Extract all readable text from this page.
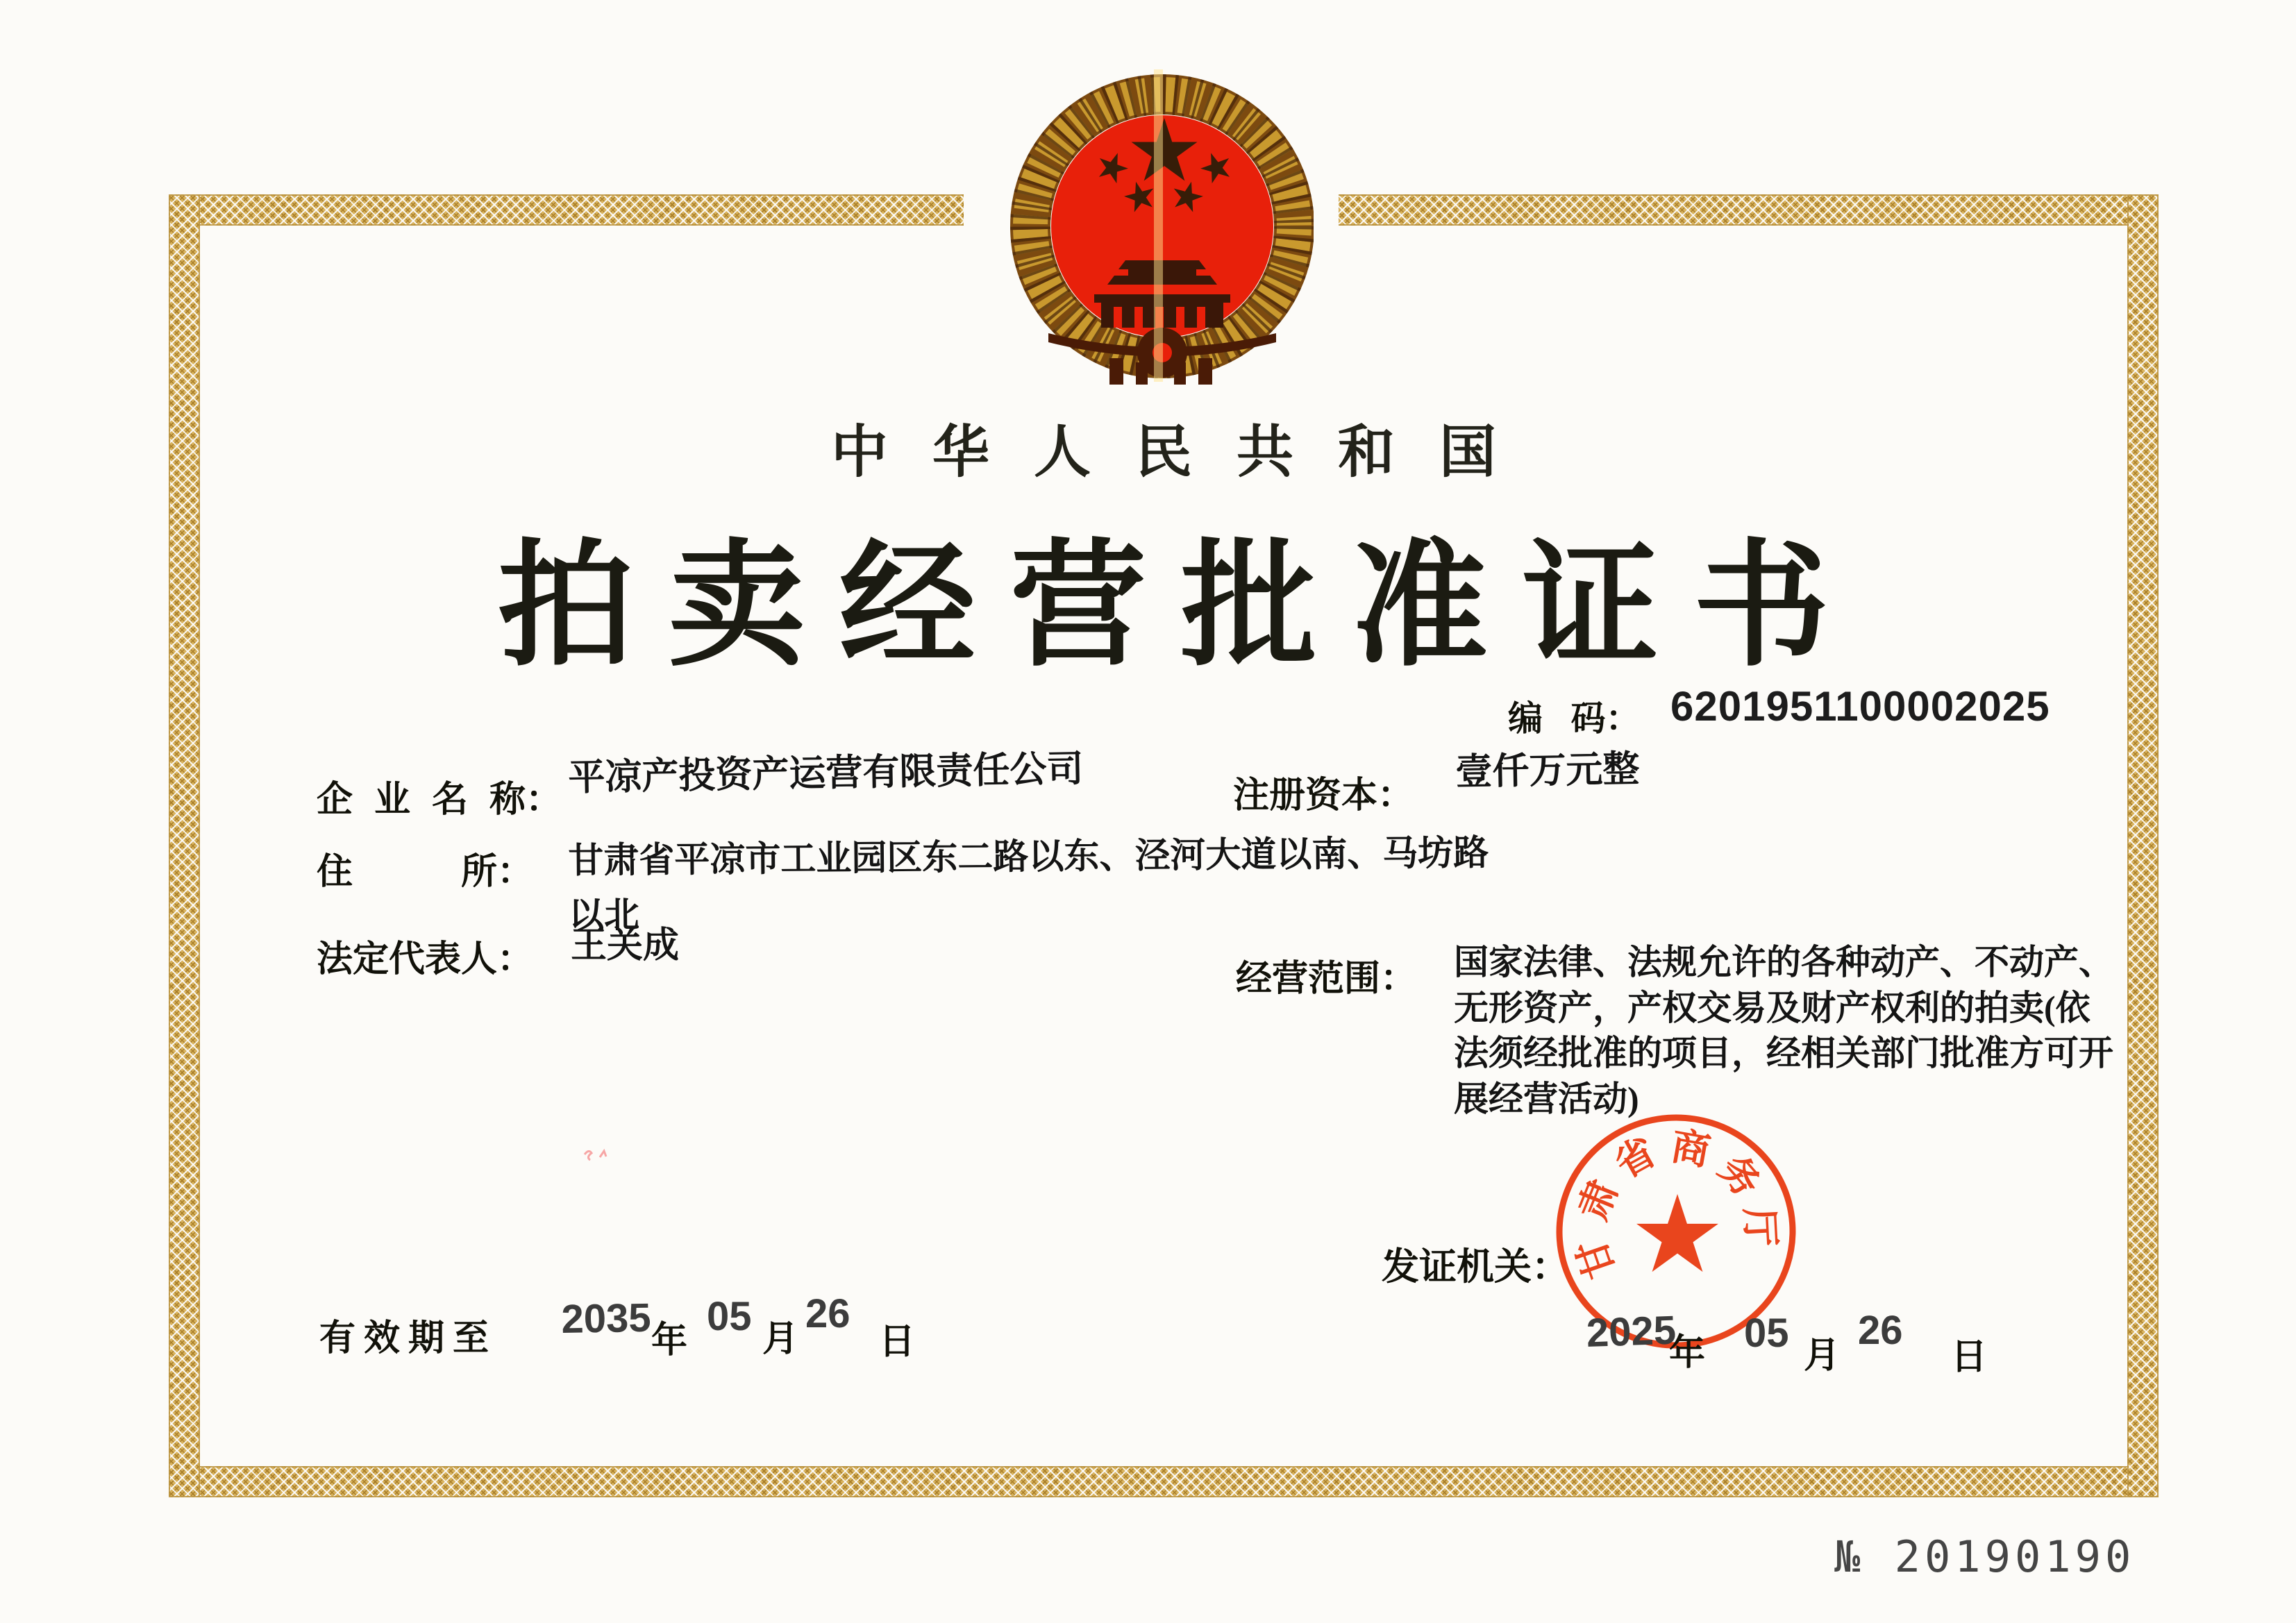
中华人民共和国
拍卖经营批准证书
编 码： 6201951100002025
企 业 名 称：
平凉产投资产运营有限责任公司	注册资本：
壹仟万元整
住　　　所： 甘肃省平凉市工业园区东二路以东、泾河大道以南、马坊路以北
法定代表人： 王关成
经营范围： 国家法律、法规允许的各种动产、不动产、无形资产，产权交易及财产权利的拍卖(依法须经批准的项目，经相关部门批准方可开展经营活动)
发证机关： 甘
肃
省 商
务
厅
2025
年 05
月
26
日
有效期至 2035 年
05
月
26
日
№ 20190190
